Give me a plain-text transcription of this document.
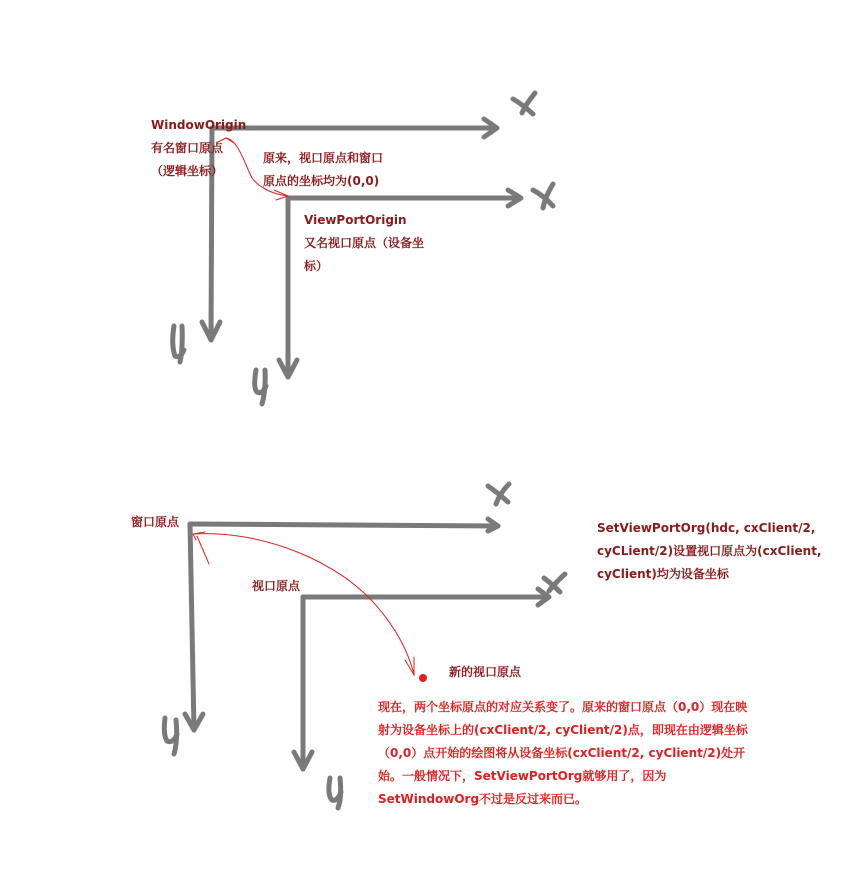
WindowOrigin
有名窗口原点
（逻辑坐标）
原来，视口原点和窗口
原点的坐标均为(0,0)
ViewPortOrigin
又名视口原点（设备坐
标）
窗口原点
视口原点
新的视口原点
SetViewPortOrg(hdc, cxClient/2,
cyCLient/2)设置视口原点为(cxClient,
cyClient)均为设备坐标
现在，两个坐标原点的对应关系变了。原来的窗口原点（0,0）现在映
射为设备坐标上的(cxClient/2, cyClient/2)点，即现在由逻辑坐标
（0,0）点开始的绘图将从设备坐标(cxClient/2, cyClient/2)处开
始。一般情况下，SetViewPortOrg就够用了，因为
SetWindowOrg不过是反过来而已。
